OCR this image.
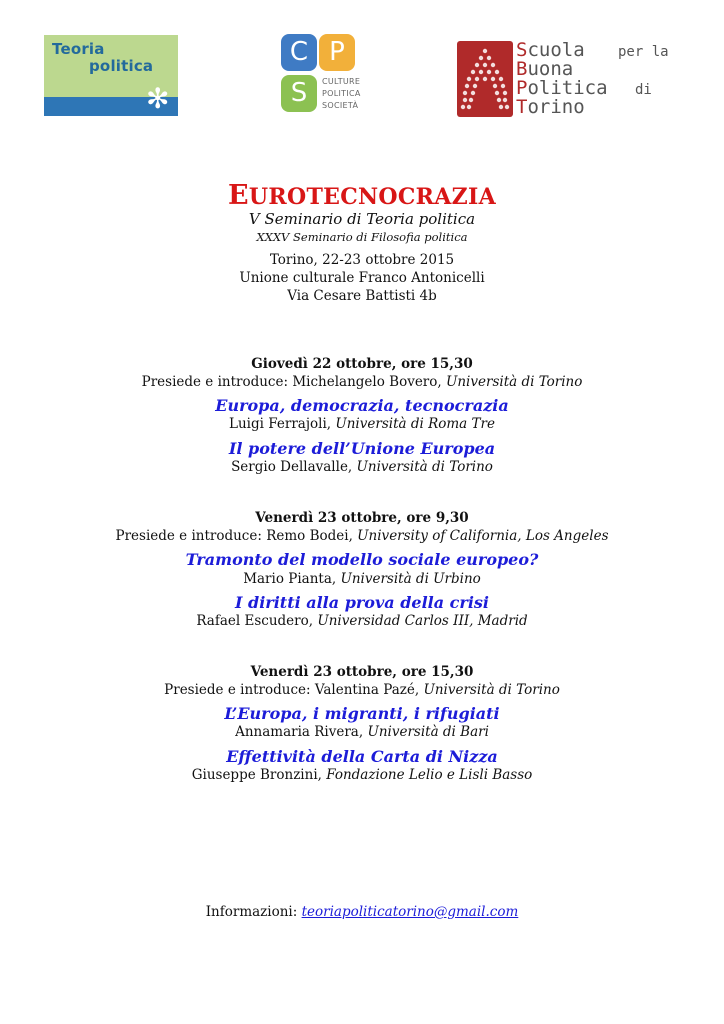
Teoria
politica
✻
C P
S	CULTURE
POLITICA
SOCIETÀ
Scuola
Buona
Politica
Torino
per la
di
EUROTECNOCRAZIA
V Seminario di Teoria politica
XXXV Seminario di Filosofia politica
Torino, 22-23 ottobre 2015
Unione culturale Franco Antonicelli
Via Cesare Battisti 4b
Giovedì 22 ottobre, ore 15,30
Presiede e introduce: Michelangelo Bovero, Università di Torino
Europa, democrazia, tecnocrazia
Luigi Ferrajoli, Università di Roma Tre
Il potere dell’Unione Europea
Sergio Dellavalle, Università di Torino
Venerdì 23 ottobre, ore 9,30
Presiede e introduce: Remo Bodei, University of California, Los Angeles
Tramonto del modello sociale europeo?
Mario Pianta, Università di Urbino
I diritti alla prova della crisi
Rafael Escudero, Universidad Carlos III, Madrid
Venerdì 23 ottobre, ore 15,30
Presiede e introduce: Valentina Pazé, Università di Torino
L’Europa, i migranti, i rifugiati
Annamaria Rivera, Università di Bari
Effettività della Carta di Nizza
Giuseppe Bronzini, Fondazione Lelio e Lisli Basso
Informazioni: teoriapoliticatorino@gmail.com
